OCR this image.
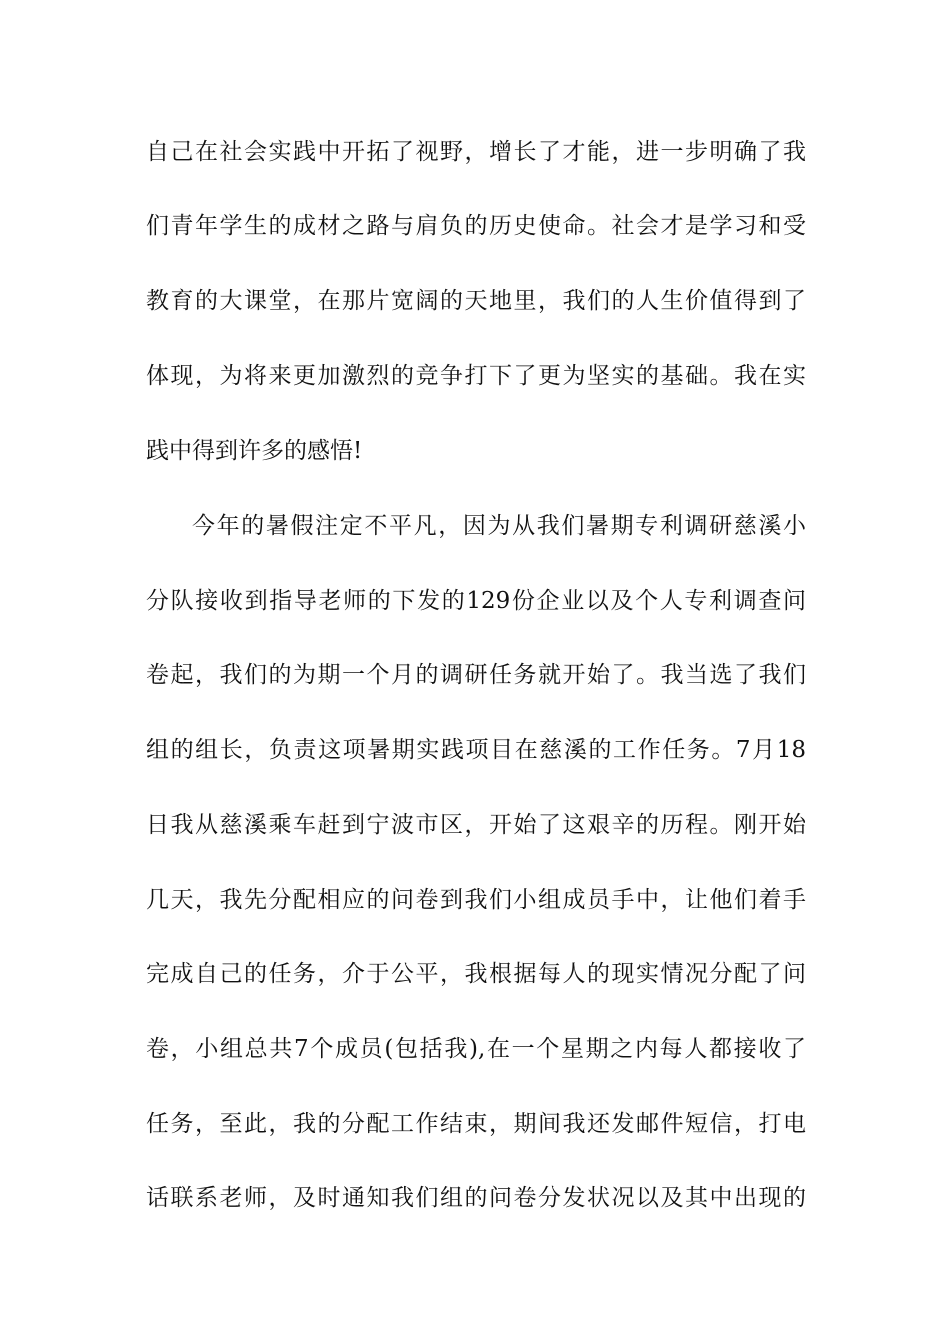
自己在社会实践中开拓了视野，增长了才能，进一步明确了我
们青年学生的成材之路与肩负的历史使命。社会才是学习和受
教育的大课堂，在那片宽阔的天地里，我们的人生价值得到了
体现，为将来更加激烈的竞争打下了更为坚实的基础。我在实
践中得到许多的感悟!
今年的暑假注定不平凡，因为从我们暑期专利调研慈溪小
分队接收到指导老师的下发的129份企业以及个人专利调查问
卷起，我们的为期一个月的调研任务就开始了。我当选了我们
组的组长，负责这项暑期实践项目在慈溪的工作任务。7月18
日我从慈溪乘车赶到宁波市区，开始了这艰辛的历程。刚开始
几天，我先分配相应的问卷到我们小组成员手中，让他们着手
完成自己的任务，介于公平，我根据每人的现实情况分配了问
卷，小组总共7个成员(包括我),在一个星期之内每人都接收了
任务，至此，我的分配工作结束，期间我还发邮件短信，打电
话联系老师，及时通知我们组的问卷分发状况以及其中出现的
